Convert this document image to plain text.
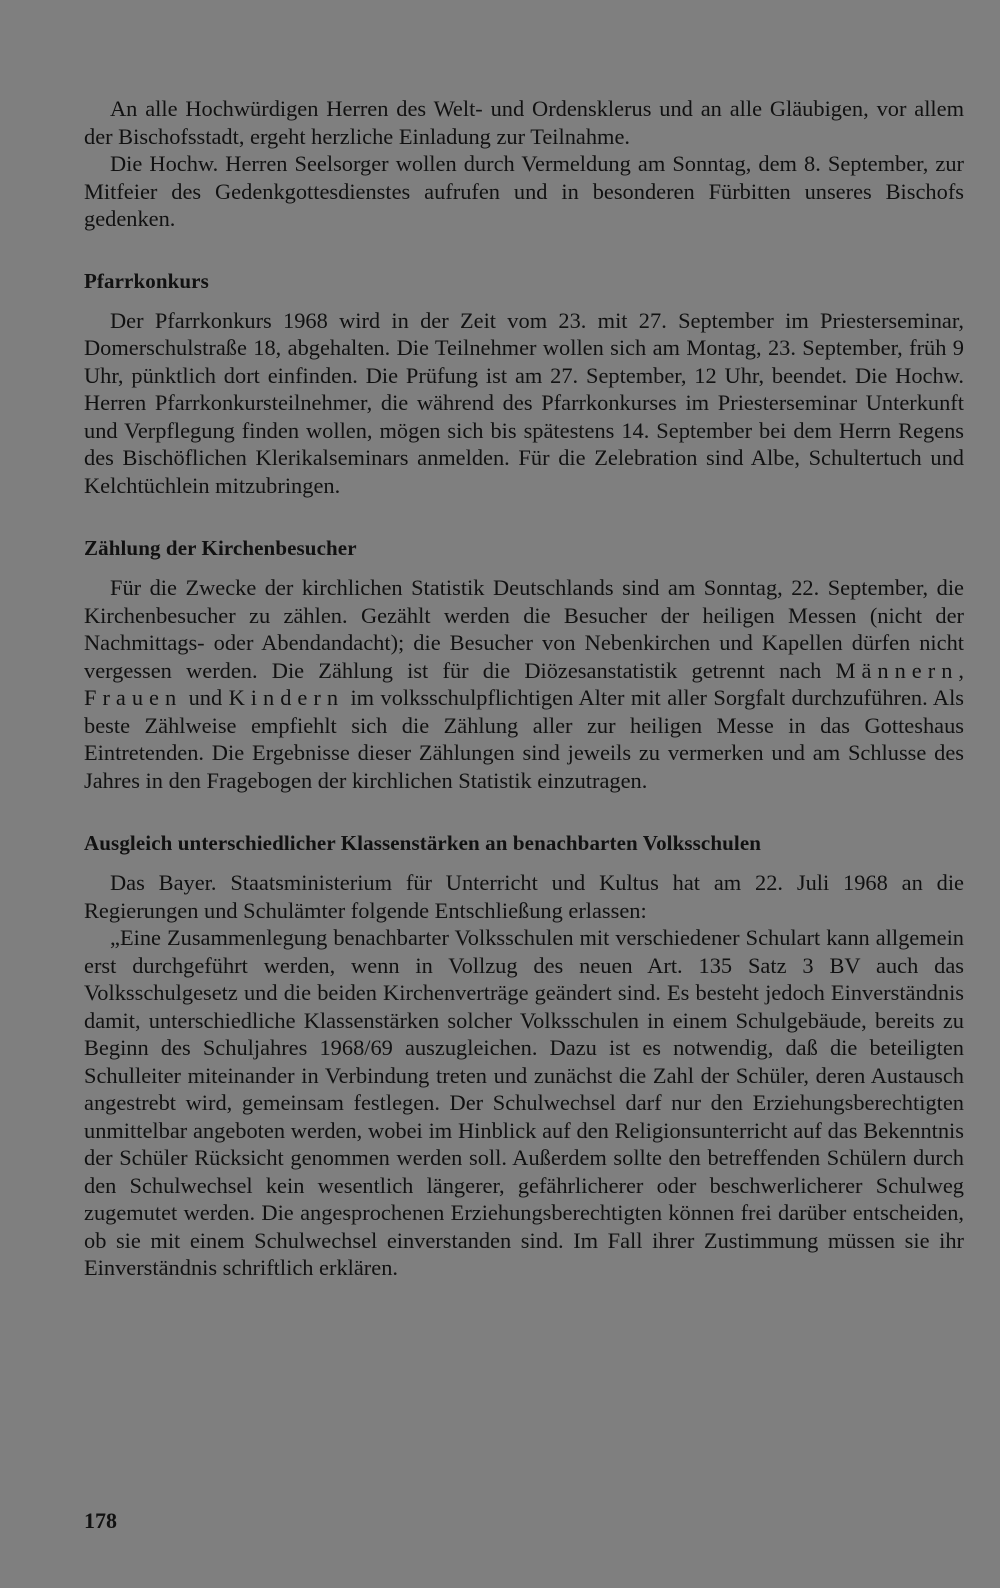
An alle Hochwürdigen Herren des Welt- und Ordensklerus und an alle Gläubigen, vor allem der Bischofsstadt, ergeht herzliche Einladung zur Teilnahme.

Die Hochw. Herren Seelsorger wollen durch Vermeldung am Sonntag, dem 8. September, zur Mitfeier des Gedenkgottesdienstes aufrufen und in besonderen Fürbitten unseres Bischofs gedenken.

Pfarrkonkurs

Der Pfarrkonkurs 1968 wird in der Zeit vom 23. mit 27. September im Priesterseminar, Domerschulstraße 18, abgehalten. Die Teilnehmer wollen sich am Montag, 23. September, früh 9 Uhr, pünktlich dort einfinden. Die Prüfung ist am 27. September, 12 Uhr, beendet. Die Hochw. Herren Pfarrkonkursteilnehmer, die während des Pfarrkonkurses im Priesterseminar Unterkunft und Verpflegung finden wollen, mögen sich bis spätestens 14. September bei dem Herrn Regens des Bischöflichen Klerikalseminars anmelden. Für die Zelebration sind Albe, Schultertuch und Kelchtüchlein mitzubringen.

Zählung der Kirchenbesucher

Für die Zwecke der kirchlichen Statistik Deutschlands sind am Sonntag, 22. September, die Kirchenbesucher zu zählen. Gezählt werden die Besucher der heiligen Messen (nicht der Nachmittags- oder Abendandacht); die Besucher von Nebenkirchen und Kapellen dürfen nicht vergessen werden. Die Zählung ist für die Diözesanstatistik getrennt nach Männern, Frauen und Kindern im volksschulpflichtigen Alter mit aller Sorgfalt durchzuführen. Als beste Zählweise empfiehlt sich die Zählung aller zur heiligen Messe in das Gotteshaus Eintretenden. Die Ergebnisse dieser Zählungen sind jeweils zu vermerken und am Schlusse des Jahres in den Fragebogen der kirchlichen Statistik einzutragen.

Ausgleich unterschiedlicher Klassenstärken an benachbarten Volksschulen

Das Bayer. Staatsministerium für Unterricht und Kultus hat am 22. Juli 1968 an die Regierungen und Schulämter folgende Entschließung erlassen:

„Eine Zusammenlegung benachbarter Volksschulen mit verschiedener Schulart kann allgemein erst durchgeführt werden, wenn in Vollzug des neuen Art. 135 Satz 3 BV auch das Volksschulgesetz und die beiden Kirchenverträge geändert sind. Es besteht jedoch Einverständnis damit, unterschiedliche Klassenstärken solcher Volksschulen in einem Schulgebäude, bereits zu Beginn des Schuljahres 1968/69 auszugleichen. Dazu ist es notwendig, daß die beteiligten Schulleiter miteinander in Verbindung treten und zunächst die Zahl der Schüler, deren Austausch angestrebt wird, gemeinsam festlegen. Der Schulwechsel darf nur den Erziehungsberechtigten unmittelbar angeboten werden, wobei im Hinblick auf den Religionsunterricht auf das Bekenntnis der Schüler Rücksicht genommen werden soll. Außerdem sollte den betreffenden Schülern durch den Schulwechsel kein wesentlich längerer, gefährlicherer oder beschwerlicherer Schulweg zugemutet werden. Die angesprochenen Erziehungsberechtigten können frei darüber entscheiden, ob sie mit einem Schulwechsel einverstanden sind. Im Fall ihrer Zustimmung müssen sie ihr Einverständnis schriftlich erklären.

178
